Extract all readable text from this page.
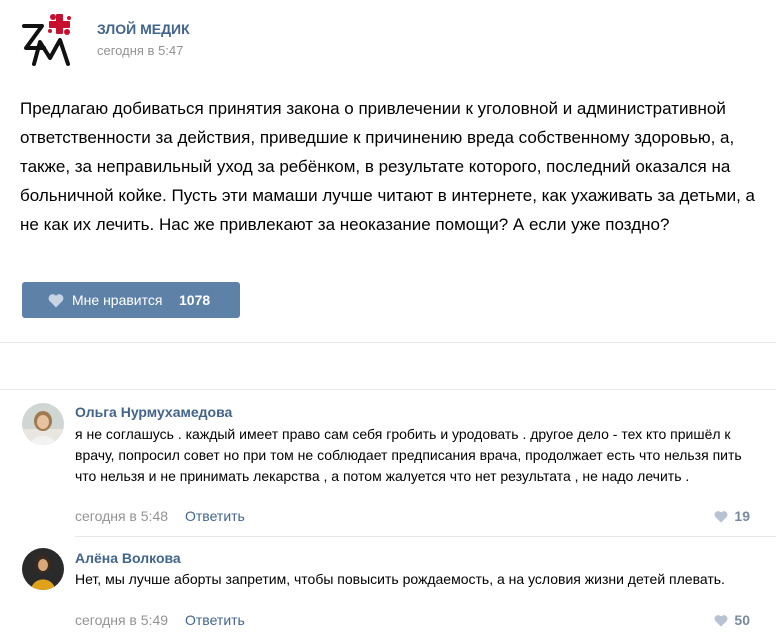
ЗЛОЙ МЕДИК
сегодня в 5:47
Предлагаю добиваться принятия закона о привлечении к уголовной и административной ответственности за действия, приведшие к причинению вреда собственному здоровью, а, также, за неправильный уход за ребёнком, в результате которого, последний оказался на больничной койке. Пусть эти мамаши лучше читают в интернете, как ухаживать за детьми, а не как их лечить. Нас же привлекают за неоказание помощи? А если уже поздно?
Мне нравится 1078
Ольга Нурмухамедова
я не соглашусь . каждый имеет право сам себя гробить и уродовать . другое дело - тех кто пришёл к врачу, попросил совет но при том не соблюдает предписания врача, продолжает есть что нельзя пить что нельзя и не принимать лекарства , а потом жалуется что нет результата , не надо лечить .
сегодня в 5:48 Ответить	19
Алёна Волкова
Нет, мы лучше аборты запретим, чтобы повысить рождаемость, а на условия жизни детей плевать.
сегодня в 5:49 Ответить	50
